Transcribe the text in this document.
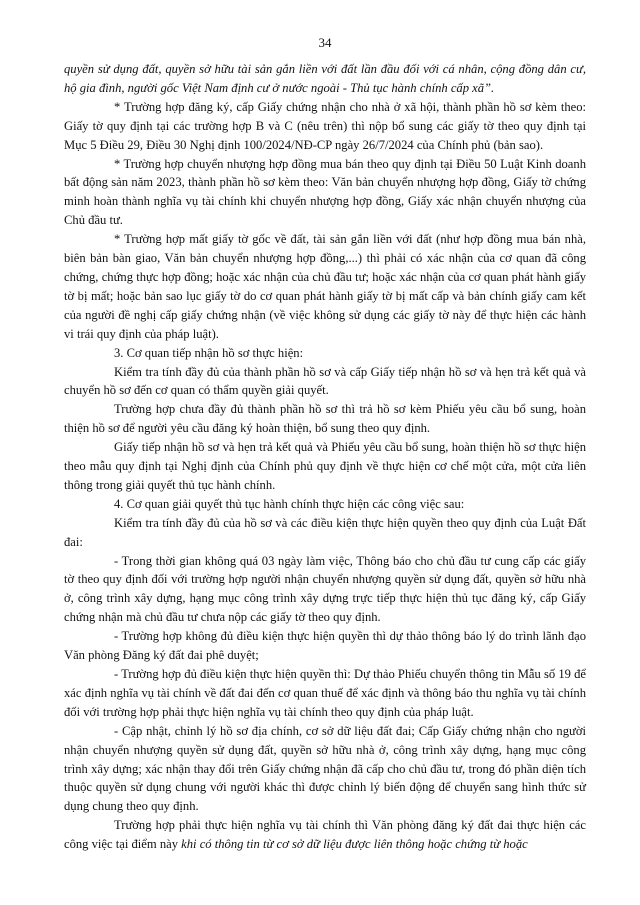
34

quyền sử dụng đất, quyền sở hữu tài sản gắn liền với đất lần đầu đối với cá nhân, cộng đồng dân cư, hộ gia đình, người gốc Việt Nam định cư ở nước ngoài - Thủ tục hành chính cấp xã”.

* Trường hợp đăng ký, cấp Giấy chứng nhận cho nhà ở xã hội, thành phần hồ sơ kèm theo: Giấy tờ quy định tại các trường hợp B và C (nêu trên) thì nộp bổ sung các giấy tờ theo quy định tại Mục 5 Điều 29, Điều 30 Nghị định 100/2024/NĐ-CP ngày 26/7/2024 của Chính phủ (bản sao).

* Trường hợp chuyển nhượng hợp đồng mua bán theo quy định tại Điều 50 Luật Kinh doanh bất động sản năm 2023, thành phần hồ sơ kèm theo: Văn bản chuyển nhượng hợp đồng, Giấy tờ chứng minh hoàn thành nghĩa vụ tài chính khi chuyển nhượng hợp đồng, Giấy xác nhận chuyển nhượng của Chủ đầu tư.

* Trường hợp mất giấy tờ gốc về đất, tài sản gắn liền với đất (như hợp đồng mua bán nhà, biên bản bàn giao, Văn bản chuyển nhượng hợp đồng,...) thì phải có xác nhận của cơ quan đã công chứng, chứng thực hợp đồng; hoặc xác nhận của chủ đầu tư; hoặc xác nhận của cơ quan phát hành giấy tờ bị mất; hoặc bản sao lục giấy tờ do cơ quan phát hành giấy tờ bị mất cấp và bản chính giấy cam kết của người đề nghị cấp giấy chứng nhận (về việc không sử dụng các giấy tờ này để thực hiện các hành vi trái quy định của pháp luật).

3. Cơ quan tiếp nhận hồ sơ thực hiện:

Kiểm tra tính đầy đủ của thành phần hồ sơ và cấp Giấy tiếp nhận hồ sơ và hẹn trả kết quả và chuyển hồ sơ đến cơ quan có thẩm quyền giải quyết.

Trường hợp chưa đầy đủ thành phần hồ sơ thì trả hồ sơ kèm Phiếu yêu cầu bổ sung, hoàn thiện hồ sơ để người yêu cầu đăng ký hoàn thiện, bổ sung theo quy định.

Giấy tiếp nhận hồ sơ và hẹn trả kết quả và Phiếu yêu cầu bổ sung, hoàn thiện hồ sơ thực hiện theo mẫu quy định tại Nghị định của Chính phủ quy định về thực hiện cơ chế một cửa, một cửa liên thông trong giải quyết thủ tục hành chính.

4. Cơ quan giải quyết thủ tục hành chính thực hiện các công việc sau:

Kiểm tra tính đầy đủ của hồ sơ và các điều kiện thực hiện quyền theo quy định của Luật Đất đai:

- Trong thời gian không quá 03 ngày làm việc, Thông báo cho chủ đầu tư cung cấp các giấy tờ theo quy định đối với trường hợp người nhận chuyển nhượng quyền sử dụng đất, quyền sở hữu nhà ở, công trình xây dựng, hạng mục công trình xây dựng trực tiếp thực hiện thủ tục đăng ký, cấp Giấy chứng nhận mà chủ đầu tư chưa nộp các giấy tờ theo quy định.

- Trường hợp không đủ điều kiện thực hiện quyền thì dự thảo thông báo lý do trình lãnh đạo Văn phòng Đăng ký đất đai phê duyệt;

- Trường hợp đủ điều kiện thực hiện quyền thì: Dự thảo Phiếu chuyển thông tin Mẫu số 19 để xác định nghĩa vụ tài chính về đất đai đến cơ quan thuế để xác định và thông báo thu nghĩa vụ tài chính đối với trường hợp phải thực hiện nghĩa vụ tài chính theo quy định của pháp luật.

- Cập nhật, chỉnh lý hồ sơ địa chính, cơ sở dữ liệu đất đai; Cấp Giấy chứng nhận cho người nhận chuyển nhượng quyền sử dụng đất, quyền sở hữu nhà ở, công trình xây dựng, hạng mục công trình xây dựng; xác nhận thay đổi trên Giấy chứng nhận đã cấp cho chủ đầu tư, trong đó phần diện tích thuộc quyền sử dụng chung với người khác thì được chỉnh lý biến động để chuyển sang hình thức sử dụng chung theo quy định.

Trường hợp phải thực hiện nghĩa vụ tài chính thì Văn phòng đăng ký đất đai thực hiện các công việc tại điểm này khi có thông tin từ cơ sở dữ liệu được liên thông hoặc chứng từ hoặc
